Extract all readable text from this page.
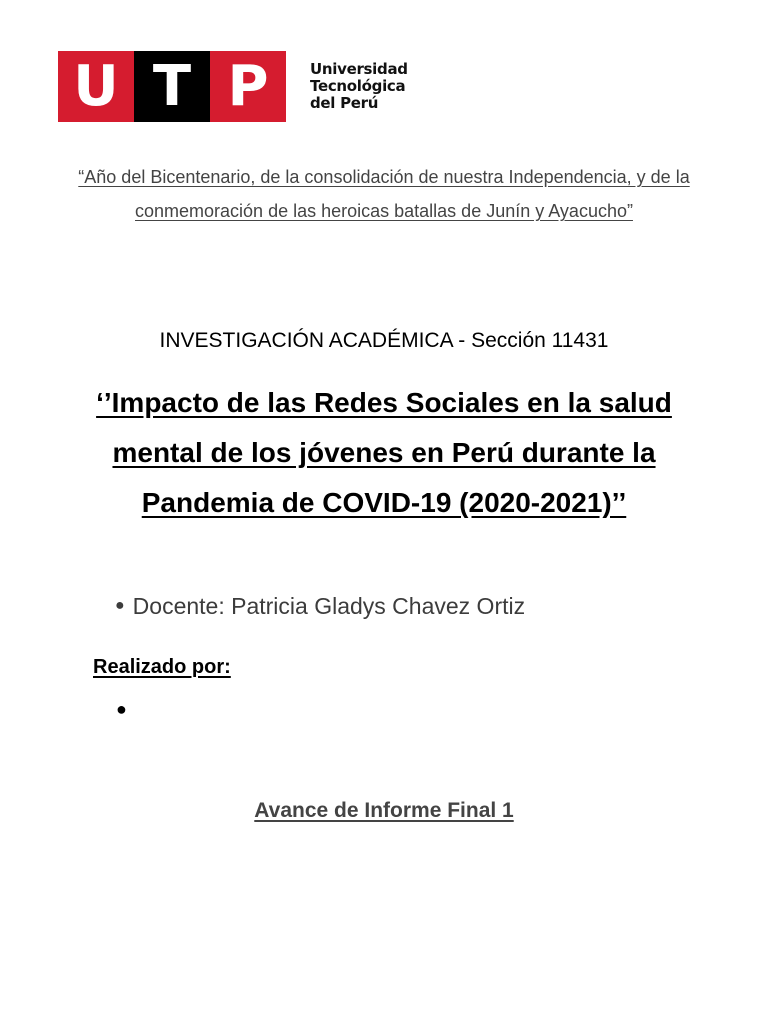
U T P	Universidad
Tecnológica
del Perú
“Año del Bicentenario, de la consolidación de nuestra Independencia, y de la conmemoración de las heroicas batallas de Junín y Ayacucho”
INVESTIGACIÓN ACADÉMICA - Sección 11431
‘’Impacto de las Redes Sociales en la salud mental de los jóvenes en Perú durante la Pandemia de COVID-19 (2020-2021)’’
● Docente: Patricia Gladys Chavez Ortiz
Realizado por:
●
Avance de Informe Final 1
